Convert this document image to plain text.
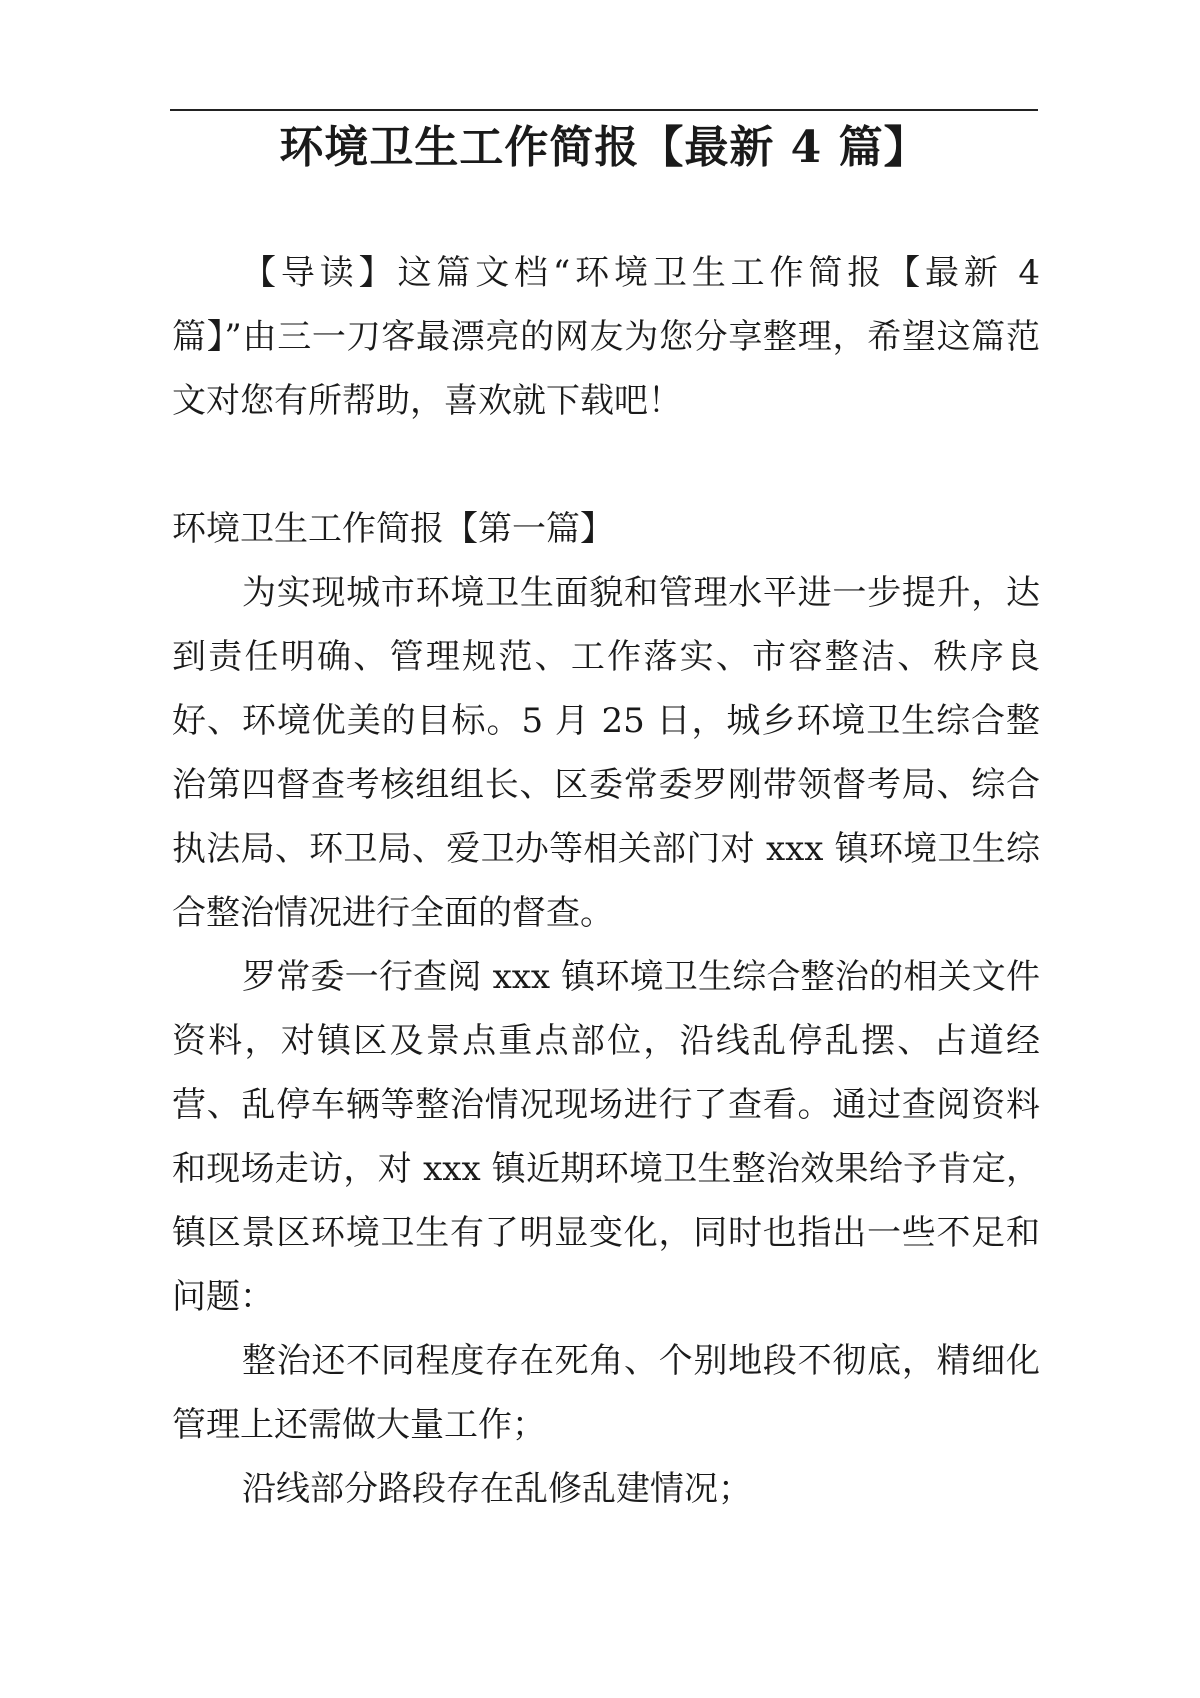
环境卫生工作简报【最新 4 篇】

【导读】这篇文档“环境卫生工作简报【最新 4 篇】”由三一刀客最漂亮的网友为您分享整理，希望这篇范文对您有所帮助，喜欢就下载吧！

环境卫生工作简报【第一篇】

为实现城市环境卫生面貌和管理水平进一步提升，达到责任明确、管理规范、工作落实、市容整洁、秩序良好、环境优美的目标。5 月 25 日，城乡环境卫生综合整治第四督查考核组组长、区委常委罗刚带领督考局、综合执法局、环卫局、爱卫办等相关部门对 xxx 镇环境卫生综合整治情况进行全面的督查。

罗常委一行查阅 xxx 镇环境卫生综合整治的相关文件资料，对镇区及景点重点部位，沿线乱停乱摆、占道经营、乱停车辆等整治情况现场进行了查看。通过查阅资料和现场走访，对 xxx 镇近期环境卫生整治效果给予肯定，镇区景区环境卫生有了明显变化，同时也指出一些不足和问题：

整治还不同程度存在死角、个别地段不彻底，精细化管理上还需做大量工作；

沿线部分路段存在乱修乱建情况；
